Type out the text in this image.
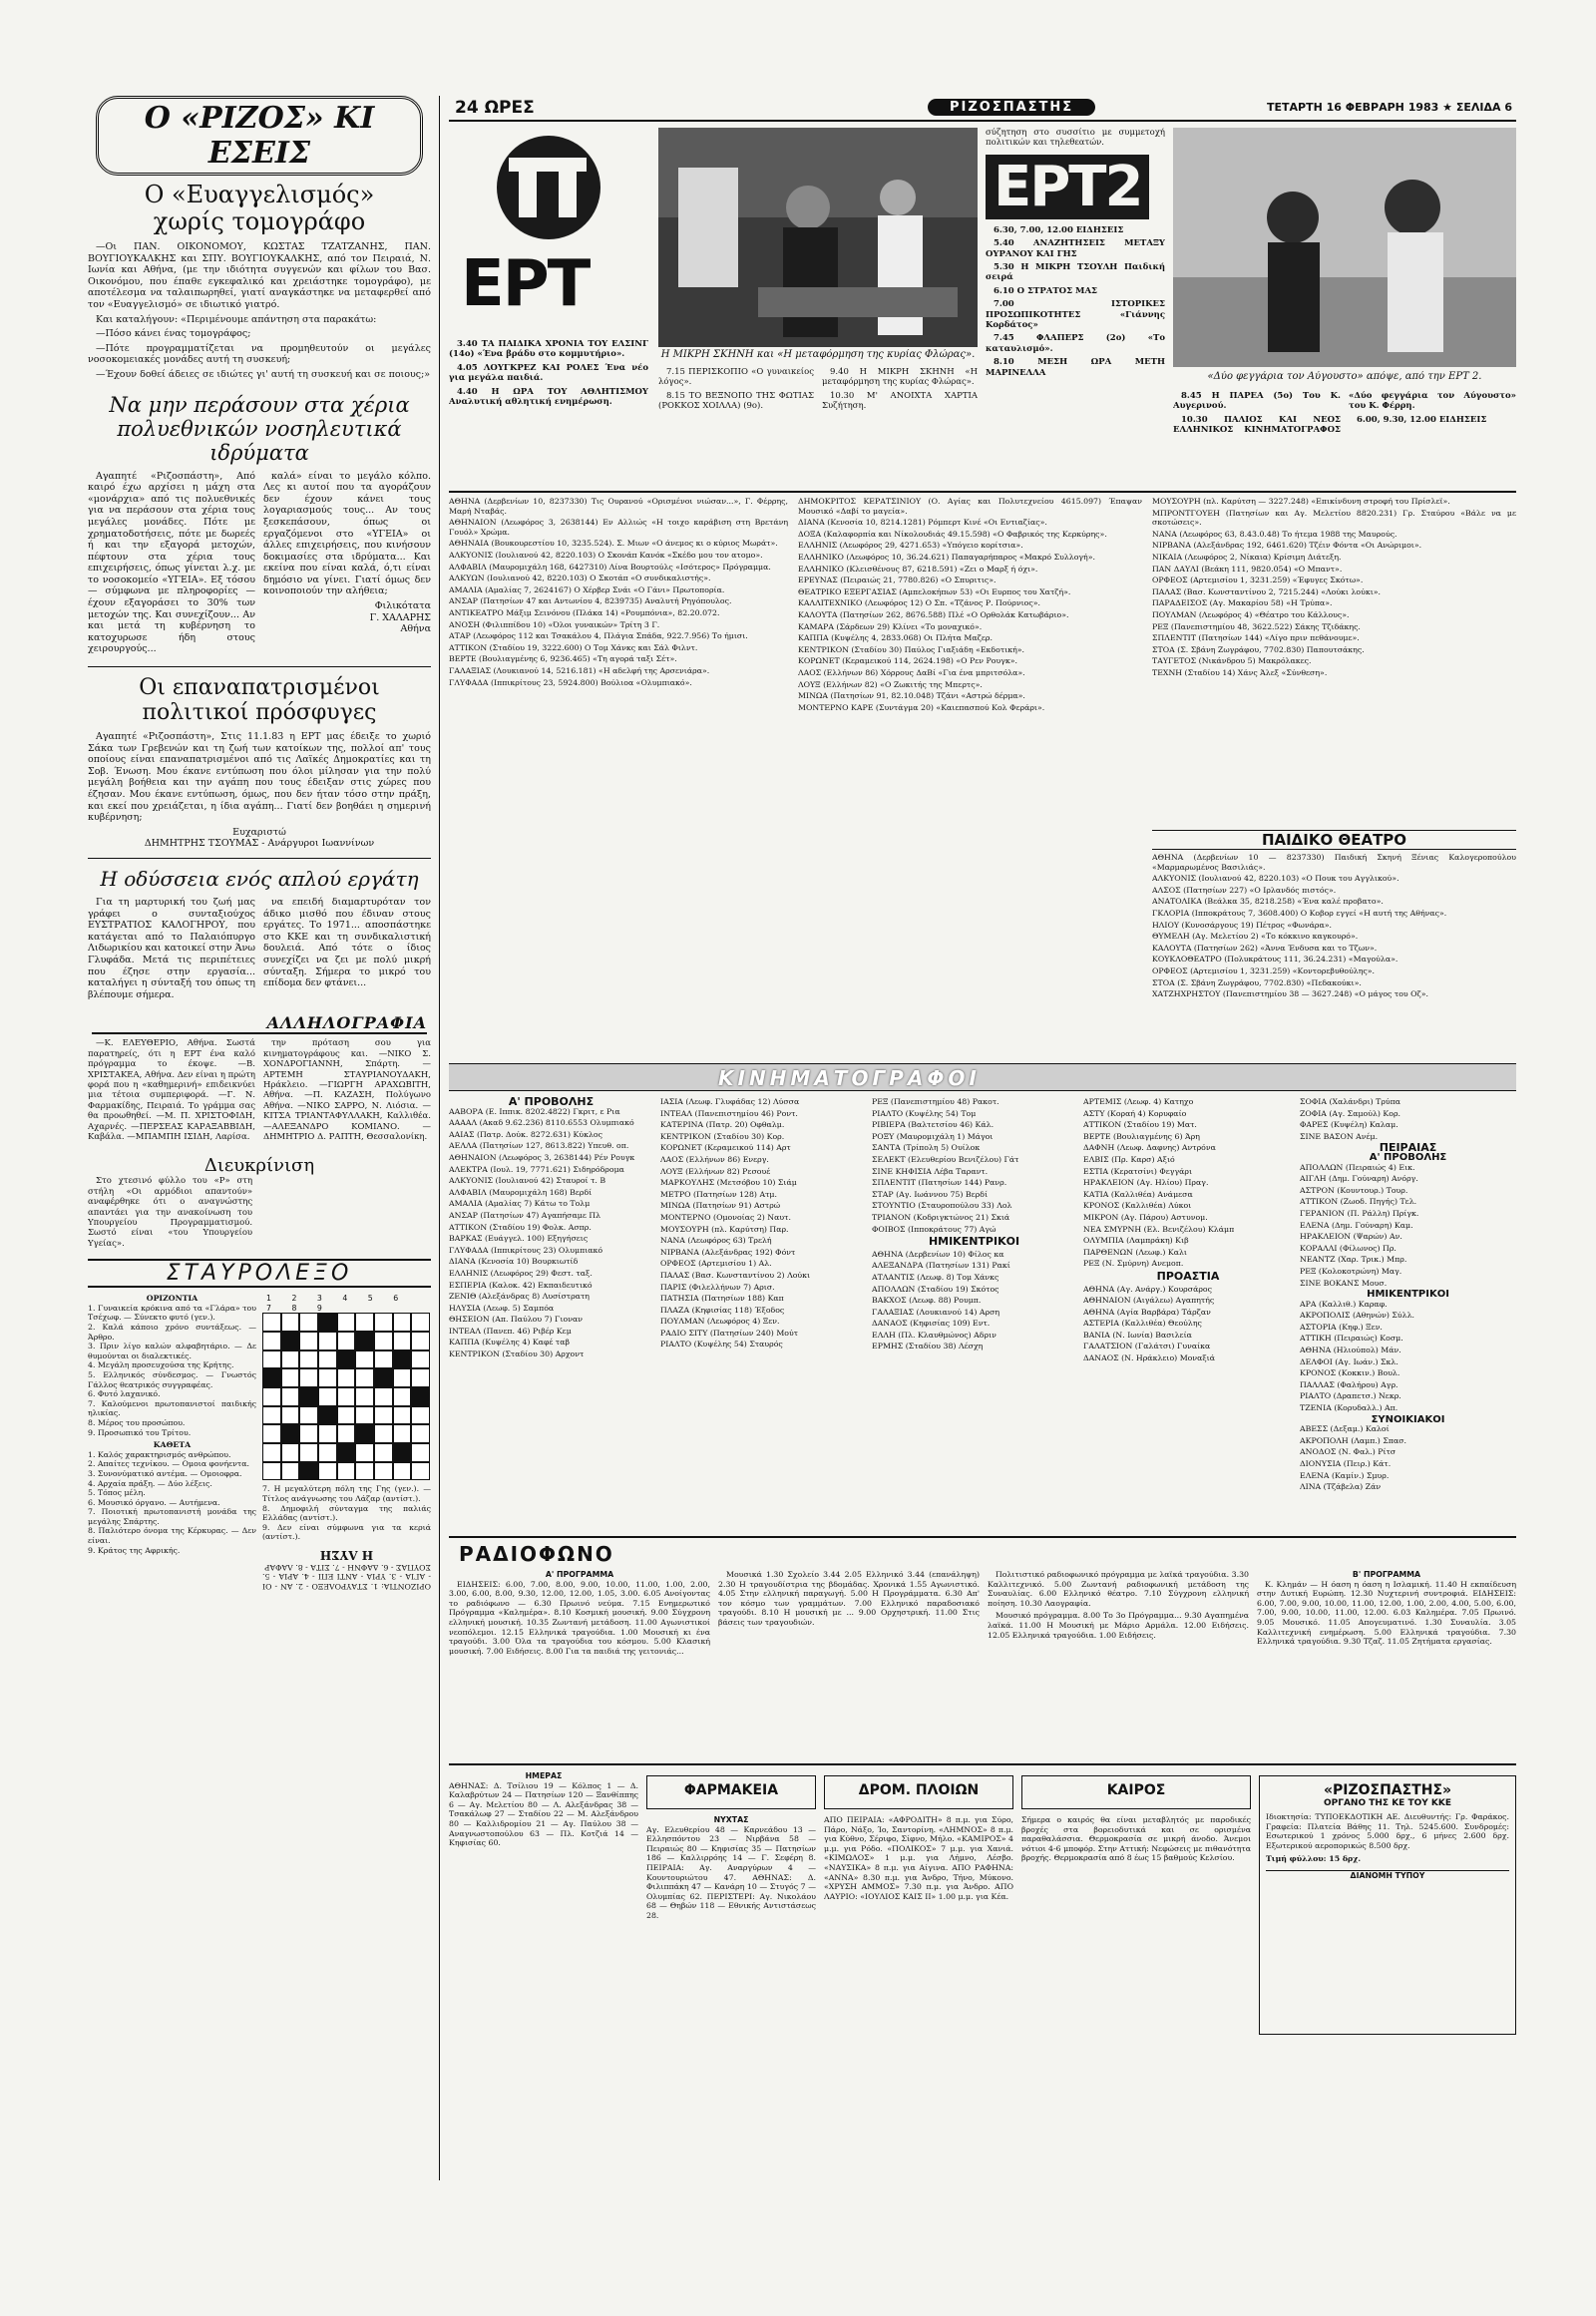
Ο «ΡΙΖΟΣ» ΚΙ ΕΣΕΙΣ
Ο «Ευαγγελισμός»
χωρίς τομογράφο

—Οι ΠΑΝ. ΟΙΚΟΝΟΜΟΥ, ΚΩΣΤΑΣ ΤΖΑΤΖΑΝΗΣ, ΠΑΝ. ΒΟΥΓΙΟΥΚΑΛΚΗΣ και ΣΠΥ. ΒΟΥΓΙΟΥΚΑΛΚΗΣ, από τον Πειραιά, Ν. Ιωνία και Αθήνα, (με την ιδιότητα συγγενών και φίλων του Βασ. Οικονόμου, που έπαθε εγκεφαλικό και χρειάστηκε τομογράφο), με αποτέλεσμα να ταλαιπωρηθεί, γιατί αναγκάστηκε να μεταφερθεί από τον «Ευαγγελισμό» σε ιδιωτικό γιατρό.

Και καταλήγουν: «Περιμένουμε απάντηση στα παρακάτω:

—Πόσο κάνει ένας τομογράφος;

—Πότε προγραμματίζεται να προμηθευτούν οι μεγάλες νοσοκομειακές μονάδες αυτή τη συσκευή;

—Έχουν δοθεί άδειες σε ιδιώτες γι' αυτή τη συσκευή και σε ποιους;»

Να μην περάσουν στα χέρια
πολυεθνικών νοσηλευτικά ιδρύματα

Αγαπητέ «Ριζοσπάστη», Από καιρό έχω αρχίσει η μάχη στα «μονάρχια» από τις πολυεθνικές για να περάσουν στα χέρια τους μεγάλες μονάδες. Πότε με χρηματοδοτήσεις, πότε με δωρεές ή και την εξαγορά μετοχών, πέφτουν στα χέρια τους επιχειρήσεις, όπως γίνεται λ.χ. με το νοσοκομείο «ΥΓΕΙΑ». Εξ τόσου — σύμφωνα με πληροφορίες — έχουν εξαγοράσει το 30% των μετοχών της. Και συνεχίζουν... Αν και μετά τη κυβέρνηση το κατοχυρωσε ήδη στους χειρουργούς...

καλά» είναι το μεγάλο κόλπο. Λες κι αυτοί που τα αγοράζουν δεν έχουν κάνει τους λογαριασμούς τους... Αν τους ξεσκεπάσουν, όπως οι εργαζόμενοι στο «ΥΓΕΙΑ» οι άλλες επιχειρήσεις, που κινήσουν δοκιμασίες στα ιδρύματα... Και εκείνα που είναι καλά, ό,τι είναι δημόσιο να γίνει. Γιατί όμως δεν κοινοποιούν την αλήθεια;

Φιλικότατα
Γ. ΧΑΛΑΡΗΣ
Αθήνα
Οι επαναπατρισμένοι
πολιτικοί πρόσφυγες

Αγαπητέ «Ριζοσπάστη», Στις 11.1.83 η ΕΡΤ μας έδειξε το χωριό Σάκα των Γρεβενών και τη ζωή των κατοίκων της, πολλοί απ' τους οποίους είναι επαναπατρισμένοι από τις Λαϊκές Δημοκρατίες και τη Σοβ. Ένωση. Μου έκανε εντύπωση που όλοι μίλησαν για την πολύ μεγάλη βοήθεια και την αγάπη που τους έδειξαν στις χώρες που έζησαν. Μου έκανε εντύπωση, όμως, που δεν ήταν τόσο στην πράξη, και εκεί που χρειάζεται, η ίδια αγάπη... Γιατί δεν βοηθάει η σημερινή κυβέρνηση;

Ευχαριστώ
ΔΗΜΗΤΡΗΣ ΤΣΟΥΜΑΣ - Ανάργυροι Ιωαννίνων
Η οδύσσεια ενός απλού εργάτη

Για τη μαρτυρική του ζωή μας γράφει ο συνταξιούχος ΕΥΣΤΡΑΤΙΟΣ ΚΑΛΟΓΗΡΟΥ, που κατάγεται από το Παλαιόπυργο Λιδωρικίου και κατοικεί στην Άνω Γλυφάδα. Μετά τις περιπέτειες που έζησε στην εργασία... καταλήγει η σύνταξή του όπως τη βλέπουμε σήμερα.

να επειδή διαμαρτυρόταν τον άδικο μισθό που έδιναν στους εργάτες. Το 1971... αποσπάστηκε στο ΚΚΕ και τη συνδικαλιστική δουλειά. Από τότε ο ίδιος συνεχίζει να ζει με πολύ μικρή σύνταξη. Σήμερα το μικρό του επίδομα δεν φτάνει...

ΑΛΛΗΛΟΓΡΑΦΙΑ

—Κ. ΕΛΕΥΘΕΡΙΟ, Αθήνα. Σωστά παρατηρείς, ότι η ΕΡΤ ένα καλό πρόγραμμα το έκοψε. —Β. ΧΡΙΣΤΑΚΕΑ, Αθήνα. Δεν είναι η πρώτη φορά που η «καθημερινή» επιδεικνύει μια τέτοια συμπεριφορά. —Γ. Ν. Φαρμακίδης, Πειραιά. Το γράμμα σας θα προωθηθεί. —Μ. Π. ΧΡΙΣΤΟΦΙΔΗ, Αχαρνές. —ΠΕΡΣΕΑΣ ΚΑΡΑΞΑΒΒΙΔΗ, Καβάλα. —ΜΠΑΜΠΗ ΙΣΙΔΗ, Λαρίσα.

την πρόταση σου για κινηματογράφους και. —ΝΙΚΟ Σ. ΧΟΝΔΡΟΓΙΑΝΝΗ, Σπάρτη. —ΑΡΤΕΜΗ ΣΤΑΥΡΙΑΝΟΥΔΑΚΗ, Ηράκλειο. —ΓΙΩΡΓΗ ΑΡΑΧΩΒΙΤΗ, Αθήνα. —Π. ΚΑΖΑΣΗ, Πολύγωνο Αθήνα. —ΝΙΚΟ ΣΑΡΡΟ, Ν. Λιόσια. —ΚΙΤΣΑ ΤΡΙΑΝΤΑΦΥΛΛΑΚΗ, Καλλιθέα. —ΑΛΕΞΑΝΔΡΟ ΚΟΜΙΑΝΟ. —ΔΗΜΗΤΡΙΟ Δ. ΡΑΠΤΗ, Θεσσαλονίκη.

Διευκρίνιση

Στο χτεσινό φύλλο του «Ρ» στη στήλη «Οι αρμόδιοι απαντούν» αναφέρθηκε ότι ο αναγνώστης απαντάει για την ανακοίνωση του Υπουργείου Προγραμματισμού. Σωστό είναι «του Υπουργείου Υγείας».

ΣΤΑΥΡΟΛΕΞΟ
ΟΡΙΖΟΝΤΙΑ
1. Γυναικεία κρόκινα από τα «Γλάρα» του Τσέχωφ. — Σύνεκτο φυτό (γεν.).
2. Καλά κάποιο χρόνο συντάξεως. — Άρθρο.
3. Πριν λίγο καλών αλφαβητάριο. — Δε θυμούνται οι διαλεκτικές.
4. Μεγάλη προσευχούσα της Κρήτης.
5. Ελληνικός σύνδεσμος. — Γνωστός Γάλλος θεατρικός συγγραφέας.
6. Φυτό λαχανικό.
7. Καλούμενοι πρωτοπανιστοί παιδικής ηλικίας.
8. Μέρος του προσώπου.
9. Προσωπικό του Τρίτου.
ΚΑΘΕΤΑ
1. Καλός χαρακτηρισμός ανθρώπου.
2. Απαίτες τεχνίκου. — Ομοια φονήεντα.
3. Συνονύματικό αντέμα. — Ομοιοφρα.
4. Αρχαία πράξη. — Δύο λέξεις.
5. Τόπος μέλη.
6. Μουσικό όργανο. — Αυτήμενα.
7. Ποιοτική πρωτοπανιστή μονάδα της μεγάλης Σπάρτης.
8. Παλιότερο όνομα της Κέρκυρας. — Δεν είναι.
9. Κράτος της Αφρικής.
1 2 3 4 5 6 7 8 9
7. Η μεγαλύτερη πόλη της Γης (γεν.). — Τίτλος ανάγνωσης του Λάζαρ (αντίστ.).
8. Δημοφιλή σύνταγμα της παλιάς Ελλάδας (αντίστ.).
9. Δεν είναι σύμφωνα για τα κεριά (αντίστ.).
ΟΡΙΖΟΝΤΙΑ: 1. ΣΤΑΥΡΟΛΕΞΟ - 2. ΑΝ - ΟΙ - ΑΓΙΑ - 3. ΥΡΙΑ - ΑΝΤΙ ΕΠΙ - 4. ΑΡΙΑ - 5. ΣΟΥΠΑΣ - 6. ΔΑΦΝΗ - 7. ΣΙΤΑ - 8. ΛΑΦΑΡ
Η ΛΥΣΗ
24 ΩΡΕΣ	ΡΙΖΟΣΠΑΣΤΗΣ	ΤΕΤΑΡΤΗ 16 ΦΕΒΡΑΡΗ 1983 ★ ΣΕΛΙΔΑ 6
ΕΡΤ

3.40 ΤΑ ΠΑΙΔΙΚΑ ΧΡΟΝΙΑ ΤΟΥ ΕΛΣΙΝΓ (14ο) «Ένα βράδυ στο κομμυτήριο».

4.05 ΛΟΥΓΚΡΕΖ ΚΑΙ ΡΟΛΕΣ Ένα νέο για μεγάλα παιδιά.

4.40 Η ΩΡΑ ΤΟΥ ΑΘΛΗΤΙΣΜΟΥ Αναλυτική αθλητική ενημέρωση.

Η ΜΙΚΡΗ ΣΚΗΝΗ και «Η μεταφόρμηση της κυρίας Φλώρας».

7.15 ΠΕΡΙΣΚΟΠΙΟ «Ο γυναικείος λόγος».

8.15 ΤΟ ΒΕΞΝΟΠΟ ΤΗΣ ΦΩΤΙΑΣ (ΡΟΚΚΟΣ ΧΟΙΛΛΑ) (9ο).

9.40 Η ΜΙΚΡΗ ΣΚΗΝΗ «Η μεταφόρμηση της κυρίας Φλώρας».

10.30 Μ' ΑΝΟΙΧΤΑ ΧΑΡΤΙΑ Συζήτηση.

σύζητηση στο συσσίτιο με συμμετοχή πολιτικών και τηλεθεατών.
ΕΡΤ2

6.30, 7.00, 12.00 ΕΙΔΗΣΕΙΣ

5.40 ΑΝΑΖΗΤΗΣΕΙΣ ΜΕΤΑΞΥ ΟΥΡΑΝΟΥ ΚΑΙ ΓΗΣ

5.30 Η ΜΙΚΡΗ ΤΣΟΥΛΗ Παιδική σειρά

6.10 Ο ΣΤΡΑΤΟΣ ΜΑΣ

7.00 ΙΣΤΟΡΙΚΕΣ ΠΡΟΣΩΠΙΚΟΤΗΤΕΣ «Γιάννης Κορδάτος»

7.45 ΦΛΑΠΕΡΣ (2ο) «Το καταυλισμό».

8.10 ΜΕΣΗ ΩΡΑ ΜΕΤΗ ΜΑΡΙΝΕΛΛΑ	«Δύο φεγγάρια τον Αύγουστο» απόψε, από την ΕΡΤ 2.

8.45 Η ΠΑΡΕΑ (5ο) Του Κ. Αυγερινού.

10.30 ΠΑΛΙΟΣ ΚΑΙ ΝΕΟΣ ΕΛΛΗΝΙΚΟΣ ΚΙΝΗΜΑΤΟΓΡΑΦΟΣ «Δύο φεγγάρια τον Αύγουστο» του Κ. Φέρρη.

6.00, 9.30, 12.00 ΕΙΔΗΣΕΙΣ

ΑΘΗΝΑ (Δερβενίων 10, 8237330) Τις Ουρανού «Ορισμένοι νιώσαν...», Γ. Φέρρης, Μαρή Νταβάς.

ΑΘΗΝΑΙΟΝ (Λεωφόρος 3, 2638144) Εν Αλλιώς «Η τοιχο καράβιση στη Βρετάνη Γουόλ» Χρώμα.

ΑΘΗΝΑΙΑ (Βουκουρεστίου 10, 3235.524). Σ. Μιων «Ο άνεμος κι ο κύριος Μωράτ».

ΑΛΚΥΟΝΙΣ (Ιουλιανού 42, 8220.103) Ο Σκονάπ Κανόκ «Σκέδο μου τον ατομο».

ΑΛΦΑΒΙΛ (Μαυρομιχάλη 168, 6427310) Λίνα Βουρτούλς «Ισότερος» Πρόγραμμα.

ΑΛΚΥΩΝ (Ιουλιανού 42, 8220.103) Ο Σκοτάπ «Ο συνδικαλιστής».

ΑΜΑΛΙΑ (Αμαλίας 7, 2624167) Ο Χέρβερ Σνάι «Ο Γάνι» Πρωτοπορία.

ΑΝΣΑΡ (Πατησίων 47 και Αντωνίου 4, 8239735) Αναλυτή Ρηγόπουλος.

ΑΝΤΙΚΕΑΤΡΟ Μάξιμ Σεινόνου (Πλάκα 14) «Ρουμπόνια», 82.20.072.

ΑΝΟΣΗ (Φιλιππίδου 10) «Όλοι γυναικών» Τρίτη 3 Γ.

ΑΤΑΡ (Λεωφόρος 112 και Τσακάλου 4, Πλάγια Σπάδα, 922.7.956) Το ήμισι.

ΑΤΤΙΚΟΝ (Σταδίου 19, 3222.600) Ο Τομ Χάνκς και Σάλ Φιλντ.

ΒΕΡΤΕ (Βουλιαγμένης 6, 9236.465) «Τη αγορά ταξι Σέτ».

ΓΑΛΑΞΙΑΣ (Λουκιανού 14, 5216.181) «Η αδελφή της Αρσενιάρα».

ΓΛΥΦΑΔΑ (Ιππικρίτους 23, 5924.800) Βούλιοα «Ολυμπιακό».

ΔΗΜΟΚΡΙΤΟΣ ΚΕΡΑΤΣΙΝΙΟΥ (Ο. Αγίας και Πολυτεχνείου 4615.097) Έπαψαν Μουσικό «Δαβί το μαγεία».

ΔΙΑΝΑ (Κενοσία 10, 8214.1281) Ρόμπερτ Κινέ «Οι Εντιαζίας».

ΔΟΞΑ (Καλαφορπία και Νίκολουδιάς 49.15.598) «Ο Φαβρικός της Κερκύρης».

ΕΛΛΗΝΙΣ (Λεωφόρος 29, 4271.653) «Υπόγειο κορίτσια».

ΕΛΛΗΝΙΚΟ (Λεωφόρος 10, 36.24.621) Παπαγαρήπαρος «Μακρό Συλλογή».

ΕΛΛΗΝΙΚΟ (Κλεισθένους 87, 6218.591) «Ζει ο Μαρξ ή όχι».

ΕΡΕΥΝΑΣ (Πειραιώς 21, 7780.826) «Ο Σπυριτις».

ΘΕΑΤΡΙΚΟ ΕΞΕΡΓΑΣΙΑΣ (Αμπελοκήπων 53) «Οι Ευρπος του Χατζή».

ΚΑΛΛΙΤΕΧΝΙΚΟ (Λεωφόρος 12) Ο Σπ. «Τζάνος Ρ. Πούρνιος».

ΚΑΛΟΥΤΑ (Πατησίων 262, 8676.588) Πλέ «Ο Ορθολάκ Κατωβάριο».

ΚΑΜΑΡΑ (Σάρδεων 29) Κλίνει «Το μοναχικό».

ΚΑΠΠΑ (Κυψέλης 4, 2833.068) Οι Πλήτα Μαζερ.

ΚΕΝΤΡΙΚΟΝ (Σταδίου 30) Παύλος Γιαξιάδη «Εκδοτική».

ΚΟΡΩΝΕΤ (Κεραμεικού 114, 2624.198) «Ο Ρεν Ρουγκ».

ΛΑΟΣ (Ελλήνων 86) Χόρρους ΔαΒί «Για ένα μπριτσόλα».

ΛΟΥΞ (Ελλήνων 82) «Ο Ζωκιτής της Μπερτς».

ΜΙΝΩΑ (Πατησίων 91, 82.10.048) Τζάνι «Αστρώ δέρμα».

ΜΟΝΤΕΡΝΟ ΚΑΡΕ (Συντάγμα 20) «Καιεπασπού Κολ Φεράρι».

ΜΟΥΣΟΥΡΗ (πλ. Καρύτση — 3227.248) «Επικίνδυνη στροφή του Πρίσλεϊ».

ΜΠΡΟΝΤΓΟΥΕΗ (Πατησίων και Αγ. Μελετίου 8820.231) Γρ. Σταύρου «Βάλε να με σκοτώσεις».

ΝΑΝΑ (Λεωφόρος 63, 8.43.0.48) Το ήτεμα 1988 της Μαυρούς.

ΝΙΡΒΑΝΑ (Αλεξάνδρας 192, 6461.620) Τζέιν Φόντα «Οι Ανώριμοι».

ΝΙΚΑΙΑ (Λεωφόρος 2, Νίκαια) Κρίσιμη Διάτεξη.

ΠΑΝ ΔΑΥΛΙ (Βεάκη 111, 9820.054) «Ο Μπαντ».

ΟΡΦΕΟΣ (Αρτεμισίου 1, 3231.259) «Έφυγες Σκότω».

ΠΑΛΑΣ (Βασ. Κωνσταντίνου 2, 7215.244) «Λούκι λούκι».

ΠΑΡΑΔΕΙΣΟΣ (Αγ. Μακαρίου 58) «Η Τρύπα».

ΠΟΥΛΜΑΝ (Λεωφόρος 4) «Θέατρο του Κάλλους».

ΡΕΞ (Πανεπιστημίου 48, 3622.522) Σάκης Τζιδάκης.

ΣΠΛΕΝΤΙΤ (Πατησίων 144) «Λίγο πριν πεθάνουμε».

ΣΤΟΑ (Σ. Σβάνη Ζωγράφου, 7702.830) Παπουτσάκης.

ΤΑΥΓΕΤΟΣ (Νικάνδρου 5) Μακρόλακες.

ΤΕΧΝΗ (Σταδίου 14) Χάνς Άλεξ «Σύνθεση».

ΠΑΙΔΙΚΟ ΘΕΑΤΡΟ

ΑΘΗΝΑ (Δερβενίων 10 — 8237330) Παιδική Σκηνή Ξένιας Καλογεροπούλου «Μαρμαρωμένος Βασιλιάς».

ΑΛΚΥΟΝΙΣ (Ιουλιανού 42, 8220.103) «Ο Πουκ του Αγγλικού».

ΑΛΣΟΣ (Πατησίων 227) «Ο Ιρλανδός πιστός».

ΑΝΑΤΟΛΙΚΑ (Βεάλκα 35, 8218.258) «Ένα καλέ προβατο».

ΓΚΛΟΡΙΑ (Ιπποκράτους 7, 3608.400) Ο Κοβορ εγγεί «Η αυτή της Αθήνας».

ΗΛΙΟΥ (Κυνοσάργους 19) Πέτρος «Φωνάρα».

ΘΥΜΕΛΗ (Αγ. Μελετίου 2) «Το κόκκινο καγκουρό».

ΚΑΛΟΥΤΑ (Πατησίων 262) «Άννα Ένδυσα και το Τζων».

ΚΟΥΚΛΟΘΕΑΤΡΟ (Πολυκράτους 111, 36.24.231) «Μαγούλα».

ΟΡΦΕΟΣ (Αρτεμισίου 1, 3231.259) «Κοντορεβυθούλης».

ΣΤΟΑ (Σ. Σβάνη Ζωγράφου, 7702.830) «Πεδακούκι».

ΧΑΤΖΗΧΡΗΣΤΟΥ (Πανεπιστημίου 38 — 3627.248) «Ο μάγος του Οζ».

ΚΙΝΗΜΑΤΟΓΡΑΦΟΙ
Α' ΠΡΟΒΟΛΗΣ

ΑΑΒΟΡΑ (Ε. Ιππικ. 8202.4822) Γκριτ, ε Ρια

ΑΑΑΑΛ (Ακαδ 9.62.236) 8110.6553 Ολυμπιακό

ΑΑΙΑΣ (Πατρ. Δούκ. 8272.631) Κύκλος

ΑΕΛΛΑ (Πατησίων 127, 8613.822) Υπευθ. οπ.

ΑΘΗΝΑΙΟΝ (Λεωφόρος 3, 2638144) Ρέν Ρουγκ

ΑΛΕΚΤΡΑ (Ιουλ. 19, 7771.621) Σιδηρόδρομα

ΑΛΚΥΟΝΙΣ (Ιουλιανού 42) Σταυροί τ. Β

ΑΛΦΑΒΙΛ (Μαυρομιχάλη 168) Βερδί

ΑΜΑΛΙΑ (Αμαλίας 7) Κάτω το Τολμ

ΑΝΣΑΡ (Πατησίων 47) Αγαπήσαμε Πλ

ΑΤΤΙΚΟΝ (Σταδίου 19) Φολκ. Ασπρ.

ΒΑΡΚΑΣ (Ευάγγελ. 100) Εξηγήσεις

ΓΛΥΦΑΔΑ (Ιππικρίτους 23) Ολυμπιακό

ΔΙΑΝΑ (Κενοσία 10) Βουρκιωτίδ

ΕΛΛΗΝΙΣ (Λεωφόρος 29) Φεστ. ταξ.

ΕΣΠΕΡΙΑ (Καλοκ. 42) Εκπαιδευτικό

ΖΕΝΙΘ (Αλεξάνδρας 8) Λυσίστρατη

ΗΛΥΣΙΑ (Λεωφ. 5) Σαμπόα

ΘΗΣΕΙΟΝ (Απ. Παύλου 7) Γιοναν

ΙΝΤΕΑΛ (Πανεπ. 46) Ριβέρ Κεμ

ΚΑΠΠΑ (Κυψέλης 4) Καφέ ταβ

ΚΕΝΤΡΙΚΟΝ (Σταδίου 30) Αρχοντ

ΙΑΣΙΑ (Λεωφ. Γλυφάδας 12) Λύσσα

ΙΝΤΕΑΛ (Πανεπιστημίου 46) Ροντ.

ΚΑΤΕΡΙΝΑ (Πατρ. 20) Οφθαλμ.

ΚΕΝΤΡΙΚΟΝ (Σταδίου 30) Κορ.

ΚΟΡΩΝΕΤ (Κεραμεικού 114) Αρτ

ΛΑΟΣ (Ελλήνων 86) Ενεργ.

ΛΟΥΞ (Ελλήνων 82) Ρεσουέ

ΜΑΡΚΟΥΛΗΣ (Μετσόβου 10) Σιάμ

ΜΕΤΡΟ (Πατησίων 128) Ατμ.

ΜΙΝΩΑ (Πατησίων 91) Αστρώ

ΜΟΝΤΕΡΝΟ (Ομονοίας 2) Ναυτ.

ΜΟΥΣΟΥΡΗ (πλ. Καρύτση) Παρ.

ΝΑΝΑ (Λεωφόρος 63) Τρελή

ΝΙΡΒΑΝΑ (Αλεξάνδρας 192) Φόντ

ΟΡΦΕΟΣ (Αρτεμισίου 1) Αλ.

ΠΑΛΑΣ (Βασ. Κωνσταντίνου 2) Λούκι

ΠΑΡΙΣ (Φιλελλήνων 7) Αρισ.

ΠΑΤΗΣΙΑ (Πατησίων 188) Καπ

ΠΛΑΖΑ (Κηφισίας 118) Έξοδος

ΠΟΥΛΜΑΝ (Λεωφόρος 4) Ξεν.

ΡΑΔΙΟ ΣΙΤΥ (Πατησίων 240) Μούτ

ΡΙΑΛΤΟ (Κυψέλης 54) Σταυρός

ΡΕΞ (Πανεπιστημίου 48) Ρακοτ.

ΡΙΑΛΤΟ (Κυψέλης 54) Τομ

ΡΙΒΙΕΡΑ (Βαλτετσίου 46) Κάλ.

ΡΟΞΥ (Μαυρομιχάλη 1) Μάγοι

ΣΑΝΤΑ (Τρίπολη 5) Ουίλοκ

ΣΕΛΕΚΤ (Ελευθερίου Βενιζέλου) Γάτ

ΣΙΝΕ ΚΗΦΙΣΙΑ Λέβα Ταραντ.

ΣΠΛΕΝΤΙΤ (Πατησίων 144) Ρανρ.

ΣΤΑΡ (Αγ. Ιωάννου 75) Βερδί

ΣΤΟΥΝΤΙΟ (Σταυροπούλου 33) Λολ

ΤΡΙΑΝΟΝ (Κοδριγκτώνος 21) Σκιά

ΦΟΙΒΟΣ (Ιπποκράτους 77) Αγώ

ΗΜΙΚΕΝΤΡΙΚΟΙ

ΑΘΗΝΑ (Δερβενίων 10) Φίλος κα

ΑΛΕΞΑΝΔΡΑ (Πατησίων 131) Ρακί

ΑΤΛΑΝΤΙΣ (Λεωφ. 8) Τομ Χάνκς

ΑΠΟΛΛΩΝ (Σταδίου 19) Σκότος

ΒΑΚΧΟΣ (Λεωφ. 88) Ρουμπ.

ΓΑΛΑΞΙΑΣ (Λουκιανού 14) Αρση

ΔΑΝΑΟΣ (Κηφισίας 109) Εντ.

ΕΛΛΗ (Πλ. Κλαυθμώνος) Αδριν

ΕΡΜΗΣ (Σταδίου 38) Λέσχη

ΑΡΤΕΜΙΣ (Λεωφ. 4) Κατηχο

ΑΣΤΥ (Κοραή 4) Κορυφαίο

ΑΤΤΙΚΟΝ (Σταδίου 19) Ματ.

ΒΕΡΤΕ (Βουλιαγμένης 6) Άρη

ΔΑΦΝΗ (Λεωφ. Δαφνης) Αντρόνα

ΕΛΒΙΣ (Πρ. Καρσ) Αξιό

ΕΣΤΙΑ (Κερατσίνι) Φεγγάρι

ΗΡΑΚΛΕΙΟΝ (Αγ. Ηλίου) Πραγ.

ΚΑΤΙΑ (Καλλιθέα) Ανάμεσα

ΚΡΟΝΟΣ (Καλλιθέα) Λύκοι

ΜΙΚΡΟΝ (Αγ. Πάρου) Αστυνομ.

ΝΕΑ ΣΜΥΡΝΗ (Ελ. Βενιζέλου) Κλάμπ

ΟΛΥΜΠΙΑ (Λαμπράκη) Κιβ

ΠΑΡΘΕΝΩΝ (Λεωφ.) Καλι

ΡΕΞ (Ν. Σμύρνη) Ανεμοπ.

ΠΡΟΑΣΤΙΑ

ΑΘΗΝΑ (Αγ. Ανάργ.) Κουρσάρος

ΑΘΗΝΑΙΟΝ (Αιγάλεω) Αγαπητής

ΑΘΗΝΑ (Αγία Βαρβάρα) Τάρζαν

ΑΣΤΕΡΙΑ (Καλλιθέα) Θεούλης

ΒΑΝΙΑ (Ν. Ιωνία) Βασιλεία

ΓΑΛΑΤΣΙΟΝ (Γαλάτσι) Γυναίκα

ΔΑΝΑΟΣ (Ν. Ηράκλειο) Μοναξιά

ΣΟΦΙΑ (Χαλάνδρι) Τρύπα

ΖΟΦΙΑ (Αγ. Σαμούλ) Κορ.

ΦΑΡΕΣ (Κυψέλη) Καλαμ.

ΣΙΝΕ ΒΑΣΟΝ Ανέμ.

ΠΕΙΡΑΙΑΣ
Α' ΠΡΟΒΟΛΗΣ

ΑΠΟΛΛΩΝ (Πειραιώς 4) Εικ.

ΑΙΓΛΗ (Δημ. Γούναρη) Ανόργ.

ΑΣΤΡΟΝ (Κουντουρ.) Τουρ.

ΑΤΤΙΚΟΝ (Ζωοδ. Πηγής) Τελ.

ΓΕΡΑΝΙΟΝ (Π. Ράλλη) Πρίγκ.

ΕΛΕΝΑ (Δημ. Γούναρη) Καμ.

ΗΡΑΚΛΕΙΟΝ (Ψαρών) Αν.

ΚΟΡΑΛΛΙ (Φίλωνος) Πρ.

ΝΕΑΝΤΖ (Χαρ. Τρικ.) Μπρ.

ΡΕΞ (Κολοκοτρώνη) Μαγ.

ΣΙΝΕ ΒΟΚΑΝΣ Μουσ.

ΗΜΙΚΕΝΤΡΙΚΟΙ

ΑΡΑ (Καλλιθ.) Καραφ.

ΑΚΡΟΠΟΛΙΣ (Αθηνών) Σύλλ.

ΑΣΤΟΡΙΑ (Κηφ.) Ξεν.

ΑΤΤΙΚΗ (Πειραιώς) Κοσμ.

ΑΘΗΝΑ (Ηλιούπολ) Μάν.

ΔΕΛΦΟΙ (Αγ. Ιωάν.) Σκλ.

ΚΡΟΝΟΣ (Κοκκιν.) Βουλ.

ΠΑΛΛΑΣ (Φαλήρου) Αγρ.

ΡΙΑΛΤΟ (Δραπετσ.) Νεκρ.

ΤΖΕΝΙΑ (Κορυδαλλ.) Απ.

ΣΥΝΟΙΚΙΑΚΟΙ

ΑΒΕΣΣ (Δεξαμ.) Καλοί

ΑΚΡΟΠΟΛΗ (Λαμπ.) Σπασ.

ΑΝΟΔΟΣ (Ν. Φαλ.) Ρίτσ

ΔΙΟΝΥΣΙΑ (Πειρ.) Κάτ.

ΕΛΕΝΑ (Καμίν.) Σμυρ.

ΛΙΝΑ (Τζάβελα) Ζάν

ΡΑΔΙΟΦΩΝΟ
Α' ΠΡΟΓΡΑΜΜΑ

ΕΙΔΗΣΕΙΣ: 6.00, 7.00, 8.00, 9.00, 10.00, 11.00, 1.00, 2.00, 3.00, 6.00, 8.00, 9.30, 12.00, 12.00, 1.05, 3.00. 6.05 Ανοίγοντας το ραδιόφωνο — 6.30 Πρωινό νεύμα. 7.15 Ενημερωτικό Πρόγραμμα «Καλημέρα». 8.10 Κοσμική μουσική. 9.00 Σύγχρονη ελληνική μουσική. 10.35 Ζωντανή μετάδοση. 11.00 Αγωνιστικοί νεοπόλεμοι. 12.15 Ελληνικά τραγούδια. 1.00 Μουσική κι ένα τραγούδι. 3.00 Όλα τα τραγούδια του κόσμου. 5.00 Κλασική μουσική. 7.00 Ειδήσεις. 8.00 Για τα παιδιά της γειτονιάς...

Μουσικά 1.30 Σχολείο 3.44 2.05 Ελληνικό 3.44 (επανάληψη) 2.30 Η τραγουδίστρια της βδομάδας. Χρονικά 1.55 Αγωνιστικό. 4.05 Στην ελληνική παραγωγή. 5.00 Η Προγράμματα. 6.30 Απ' τον κόσμο των γραμμάτων. 7.00 Ελληνικό παραδοσιακό τραγούδι. 8.10 Η μουσική με ... 9.00 Ορχηστρική. 11.00 Στις βάσεις των τραγουδιών.

Πολιτιστικό ραδιοφωνικό πρόγραμμα με λαϊκά τραγούδια. 3.30 Καλλιτεχνικό. 5.00 Ζωντανή ραδιοφωνική μετάδοση της Συναυλίας. 6.00 Ελληνικό θέατρο. 7.10 Σύγχρονη ελληνική ποίηση. 10.30 Λαογραφία.

Μουσικό πρόγραμμα. 8.00 Το 3ο Πρόγραμμα... 9.30 Αγαπημένα λαϊκά. 11.00 Η Μουσική με Μάριο Αρμάλα. 12.00 Ειδήσεις. 12.05 Ελληνικά τραγούδια. 1.00 Ειδήσεις.

Β' ΠΡΟΓΡΑΜΜΑ

Κ. Κλημάν — Η όαση η όαση η Ισλαμική. 11.40 Η εκπαίδευση στην Δυτική Ευρώπη. 12.30 Νυχτερινή συντροφιά. ΕΙΔΗΣΕΙΣ: 6.00, 7.00, 9.00, 10.00, 11.00, 12.00, 1.00, 2.00, 4.00, 5.00, 6.00, 7.00, 9.00, 10.00, 11.00, 12.00. 6.03 Καλημέρα. 7.05 Πρωινό. 9.05 Μουσικό. 11.05 Απογευματινό. 1.30 Συναυλία. 3.05 Καλλιτεχνική ενημέρωση. 5.00 Ελληνικά τραγούδια. 7.30 Ελληνικά τραγούδια. 9.30 Τζαζ. 11.05 Ζητήματα εργασίας.

ΗΜΕΡΑΣ

ΑΘΗΝΑΣ: Δ. Τσίλιου 19 — Κόλπος 1 — Δ. Καλαβρύτων 24 — Πατησίων 120 — Ξανθίππης 6 — Αγ. Μελετίου 80 — Λ. Αλεξάνδρας 38 — Τσακάλωφ 27 — Σταδίου 22 — Μ. Αλεξάνδρου 80 — Καλλιδρομίου 21 — Αγ. Παύλου 38 — Αναγνωστοπούλου 63 — Πλ. Κοτζιά 14 — Κηφισίας 60.

ΦΑΡΜΑΚΕΙΑ
ΝΥΧΤΑΣ

Αγ. Ελευθερίου 48 — Καρνεάδου 13 — Ελλησπόντου 23 — Νιρβάνα 58 — Πειραιώς 80 — Κηφισίας 35 — Πατησίων 186 — Καλλιρρόης 14 — Γ. Σεφέρη 8. ΠΕΙΡΑΙΑ: Αγ. Αναργύρων 4 — Κουντουριώτου 47. ΑΘΗΝΑΣ: Δ. Φιλιππάκη 47 — Κανάρη 10 — Στυγός 7 — Ολυμπίας 62. ΠΕΡΙΣΤΕΡΙ: Αγ. Νικολάου 68 — Θηβών 118 — Εθνικής Αντιστάσεως 28.

ΔΡΟΜ. ΠΛΟΙΩΝ

ΑΠΟ ΠΕΙΡΑΙΑ: «ΑΦΡΟΔΙΤΗ» 8 π.μ. για Σύρο, Πάρο, Νάξο, Ίο, Σαντορίνη. «ΛΗΜΝΟΣ» 8 π.μ. για Κύθνο, Σέριφο, Σίφνο, Μήλο. «ΚΑΜΙΡΟΣ» 4 μ.μ. για Ρόδο. «ΠΟΛΙΚΟΣ» 7 μ.μ. για Χανιά. «ΚΙΜΩΛΟΣ» 1 μ.μ. για Λήμνο, Λέσβο. «ΝΑΥΣΙΚΑ» 8 π.μ. για Αίγινα. ΑΠΟ ΡΑΦΗΝΑ: «ΑΝΝΑ» 8.30 π.μ. για Άνδρο, Τήνο, Μύκονο. «ΧΡΥΣΗ ΑΜΜΟΣ» 7.30 π.μ. για Άνδρο. ΑΠΟ ΛΑΥΡΙΟ: «ΙΟΥΛΙΟΣ ΚΑΙΣ ΙΙ» 1.00 μ.μ. για Κέα.

ΚΑΙΡΟΣ

Σήμερα ο καιρός θα είναι μεταβλητός με παροδικές βροχές στα βορειοδυτικά και σε ορισμένα παραθαλάσσια. Θερμοκρασία σε μικρή άνοδο. Άνεμοι νότιοι 4-6 μποφόρ. Στην Αττική: Νεφώσεις με πιθανότητα βροχής. Θερμοκρασία από 8 έως 15 βαθμούς Κελσίου.

«ΡΙΖΟΣΠΑΣΤΗΣ»
ΟΡΓΑΝΟ ΤΗΣ ΚΕ ΤΟΥ ΚΚΕ
Ιδιοκτησία: ΤΥΠΟΕΚΔΟΤΙΚΗ ΑΕ. Διευθυντής: Γρ. Φαράκος. Γραφεία: Πλατεία Βάθης 11. Τηλ. 5245.600. Συνδρομές: Εσωτερικού 1 χρόνος 5.000 δρχ., 6 μήνες 2.600 δρχ. Εξωτερικού αεροπορικώς 8.500 δρχ.
Τιμή φύλλου: 15 δρχ.
ΔΙΑΝΟΜΗ ΤΥΠΟΥ
